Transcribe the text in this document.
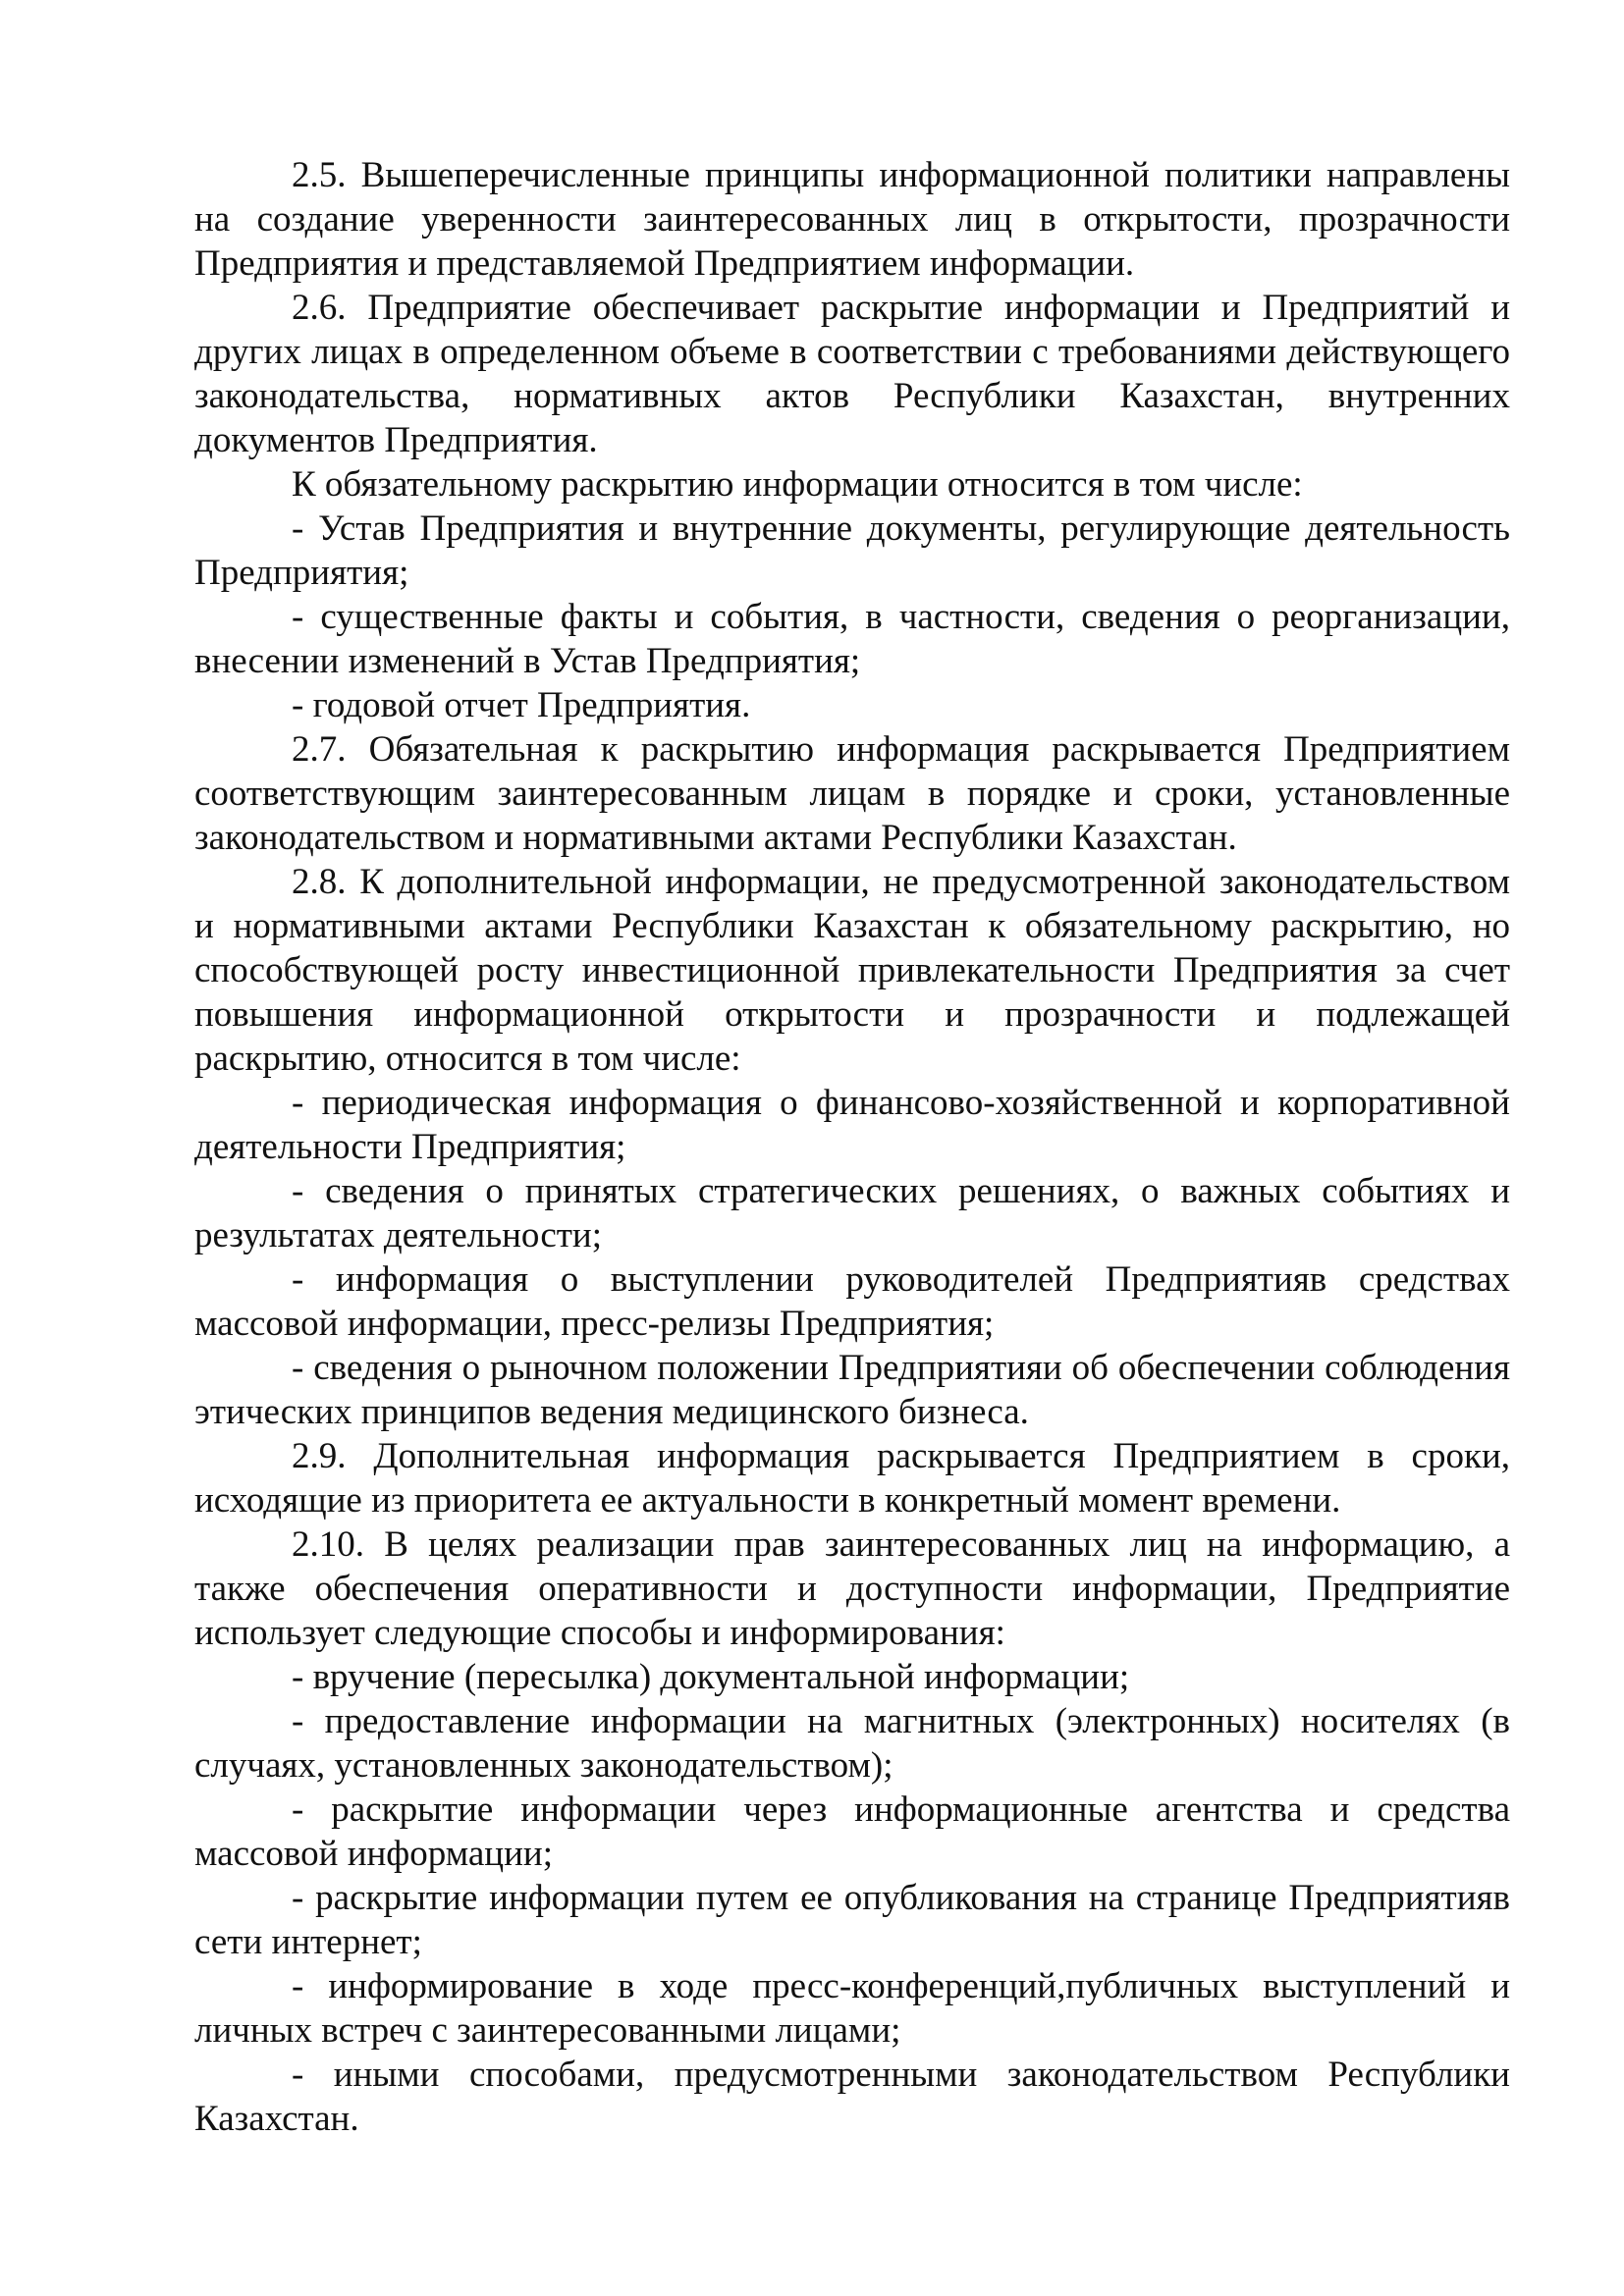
2.5. Вышеперечисленные принципы информационной политики направлены на создание уверенности заинтересованных лиц в открытости, прозрачности Предприятия и представляемой Предприятием информации.

2.6. Предприятие обеспечивает раскрытие информации и Предприятий и других лицах в определенном объеме в соответствии с требованиями действующего законодательства, нормативных актов Республики Казахстан, внутренних документов Предприятия.

К обязательному раскрытию информации относится в том числе:

- Устав Предприятия и внутренние документы, регулирующие деятельность Предприятия;

- существенные факты и события, в частности, сведения о реорганизации, внесении изменений в Устав Предприятия;

- годовой отчет Предприятия.

2.7. Обязательная к раскрытию информация раскрывается Предприятием соответствующим заинтересованным лицам в порядке и сроки, установленные законодательством и нормативными актами Республики Казахстан.

2.8. К дополнительной информации, не предусмотренной законодательством и нормативными актами Республики Казахстан к обязательному раскрытию, но способствующей росту инвестиционной привлекательности Предприятия за счет повышения информационной открытости и прозрачности и подлежащей раскрытию, относится в том числе:

- периодическая информация о финансово-хозяйственной и корпоративной деятельности Предприятия;

- сведения о принятых стратегических решениях, о важных событиях и результатах деятельности;

- информация о выступлении руководителей Предприятияв средствах массовой информации, пресс-релизы Предприятия;

- сведения о рыночном положении Предприятияи об обеспечении соблюдения этических принципов ведения медицинского бизнеса.

2.9. Дополнительная информация раскрывается Предприятием в сроки, исходящие из приоритета ее актуальности в конкретный момент времени.

2.10. В целях реализации прав заинтересованных лиц на информацию, а также обеспечения оперативности и доступности информации, Предприятие использует следующие способы и информирования:

- вручение (пересылка) документальной информации;

- предоставление информации на магнитных (электронных) носителях (в случаях, установленных законодательством);

- раскрытие информации через информационные агентства и средства массовой информации;

- раскрытие информации путем ее опубликования на странице Предприятияв сети интернет;

- информирование в ходе пресс-конференций,публичных выступлений и личных встреч с заинтересованными лицами;

- иными способами, предусмотренными законодательством Республики Казахстан.
